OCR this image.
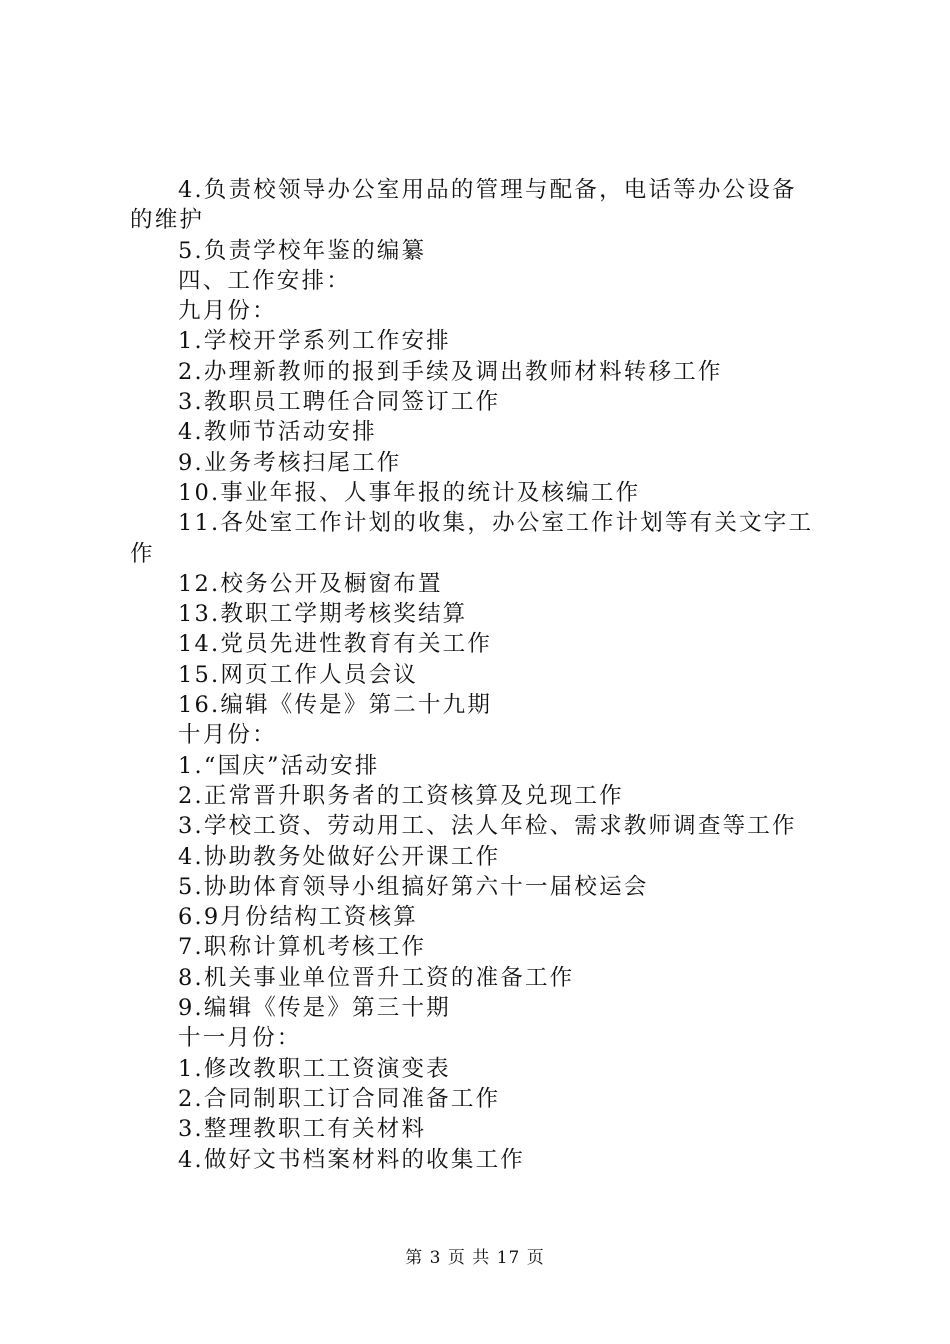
4.负责校领导办公室用品的管理与配备，电话等办公设备
的维护
5.负责学校年鉴的编纂
四、工作安排：
九月份：
1.学校开学系列工作安排
2.办理新教师的报到手续及调出教师材料转移工作
3.教职员工聘任合同签订工作
4.教师节活动安排
9.业务考核扫尾工作
10.事业年报、人事年报的统计及核编工作
11.各处室工作计划的收集，办公室工作计划等有关文字工
作
12.校务公开及橱窗布置
13.教职工学期考核奖结算
14.党员先进性教育有关工作
15.网页工作人员会议
16.编辑《传是》第二十九期
十月份：
1.“国庆”活动安排
2.正常晋升职务者的工资核算及兑现工作
3.学校工资、劳动用工、法人年检、需求教师调查等工作
4.协助教务处做好公开课工作
5.协助体育领导小组搞好第六十一届校运会
6.9月份结构工资核算
7.职称计算机考核工作
8.机关事业单位晋升工资的准备工作
9.编辑《传是》第三十期
十一月份：
1.修改教职工工资演变表
2.合同制职工订合同准备工作
3.整理教职工有关材料
4.做好文书档案材料的收集工作
第 3 页 共 17 页
